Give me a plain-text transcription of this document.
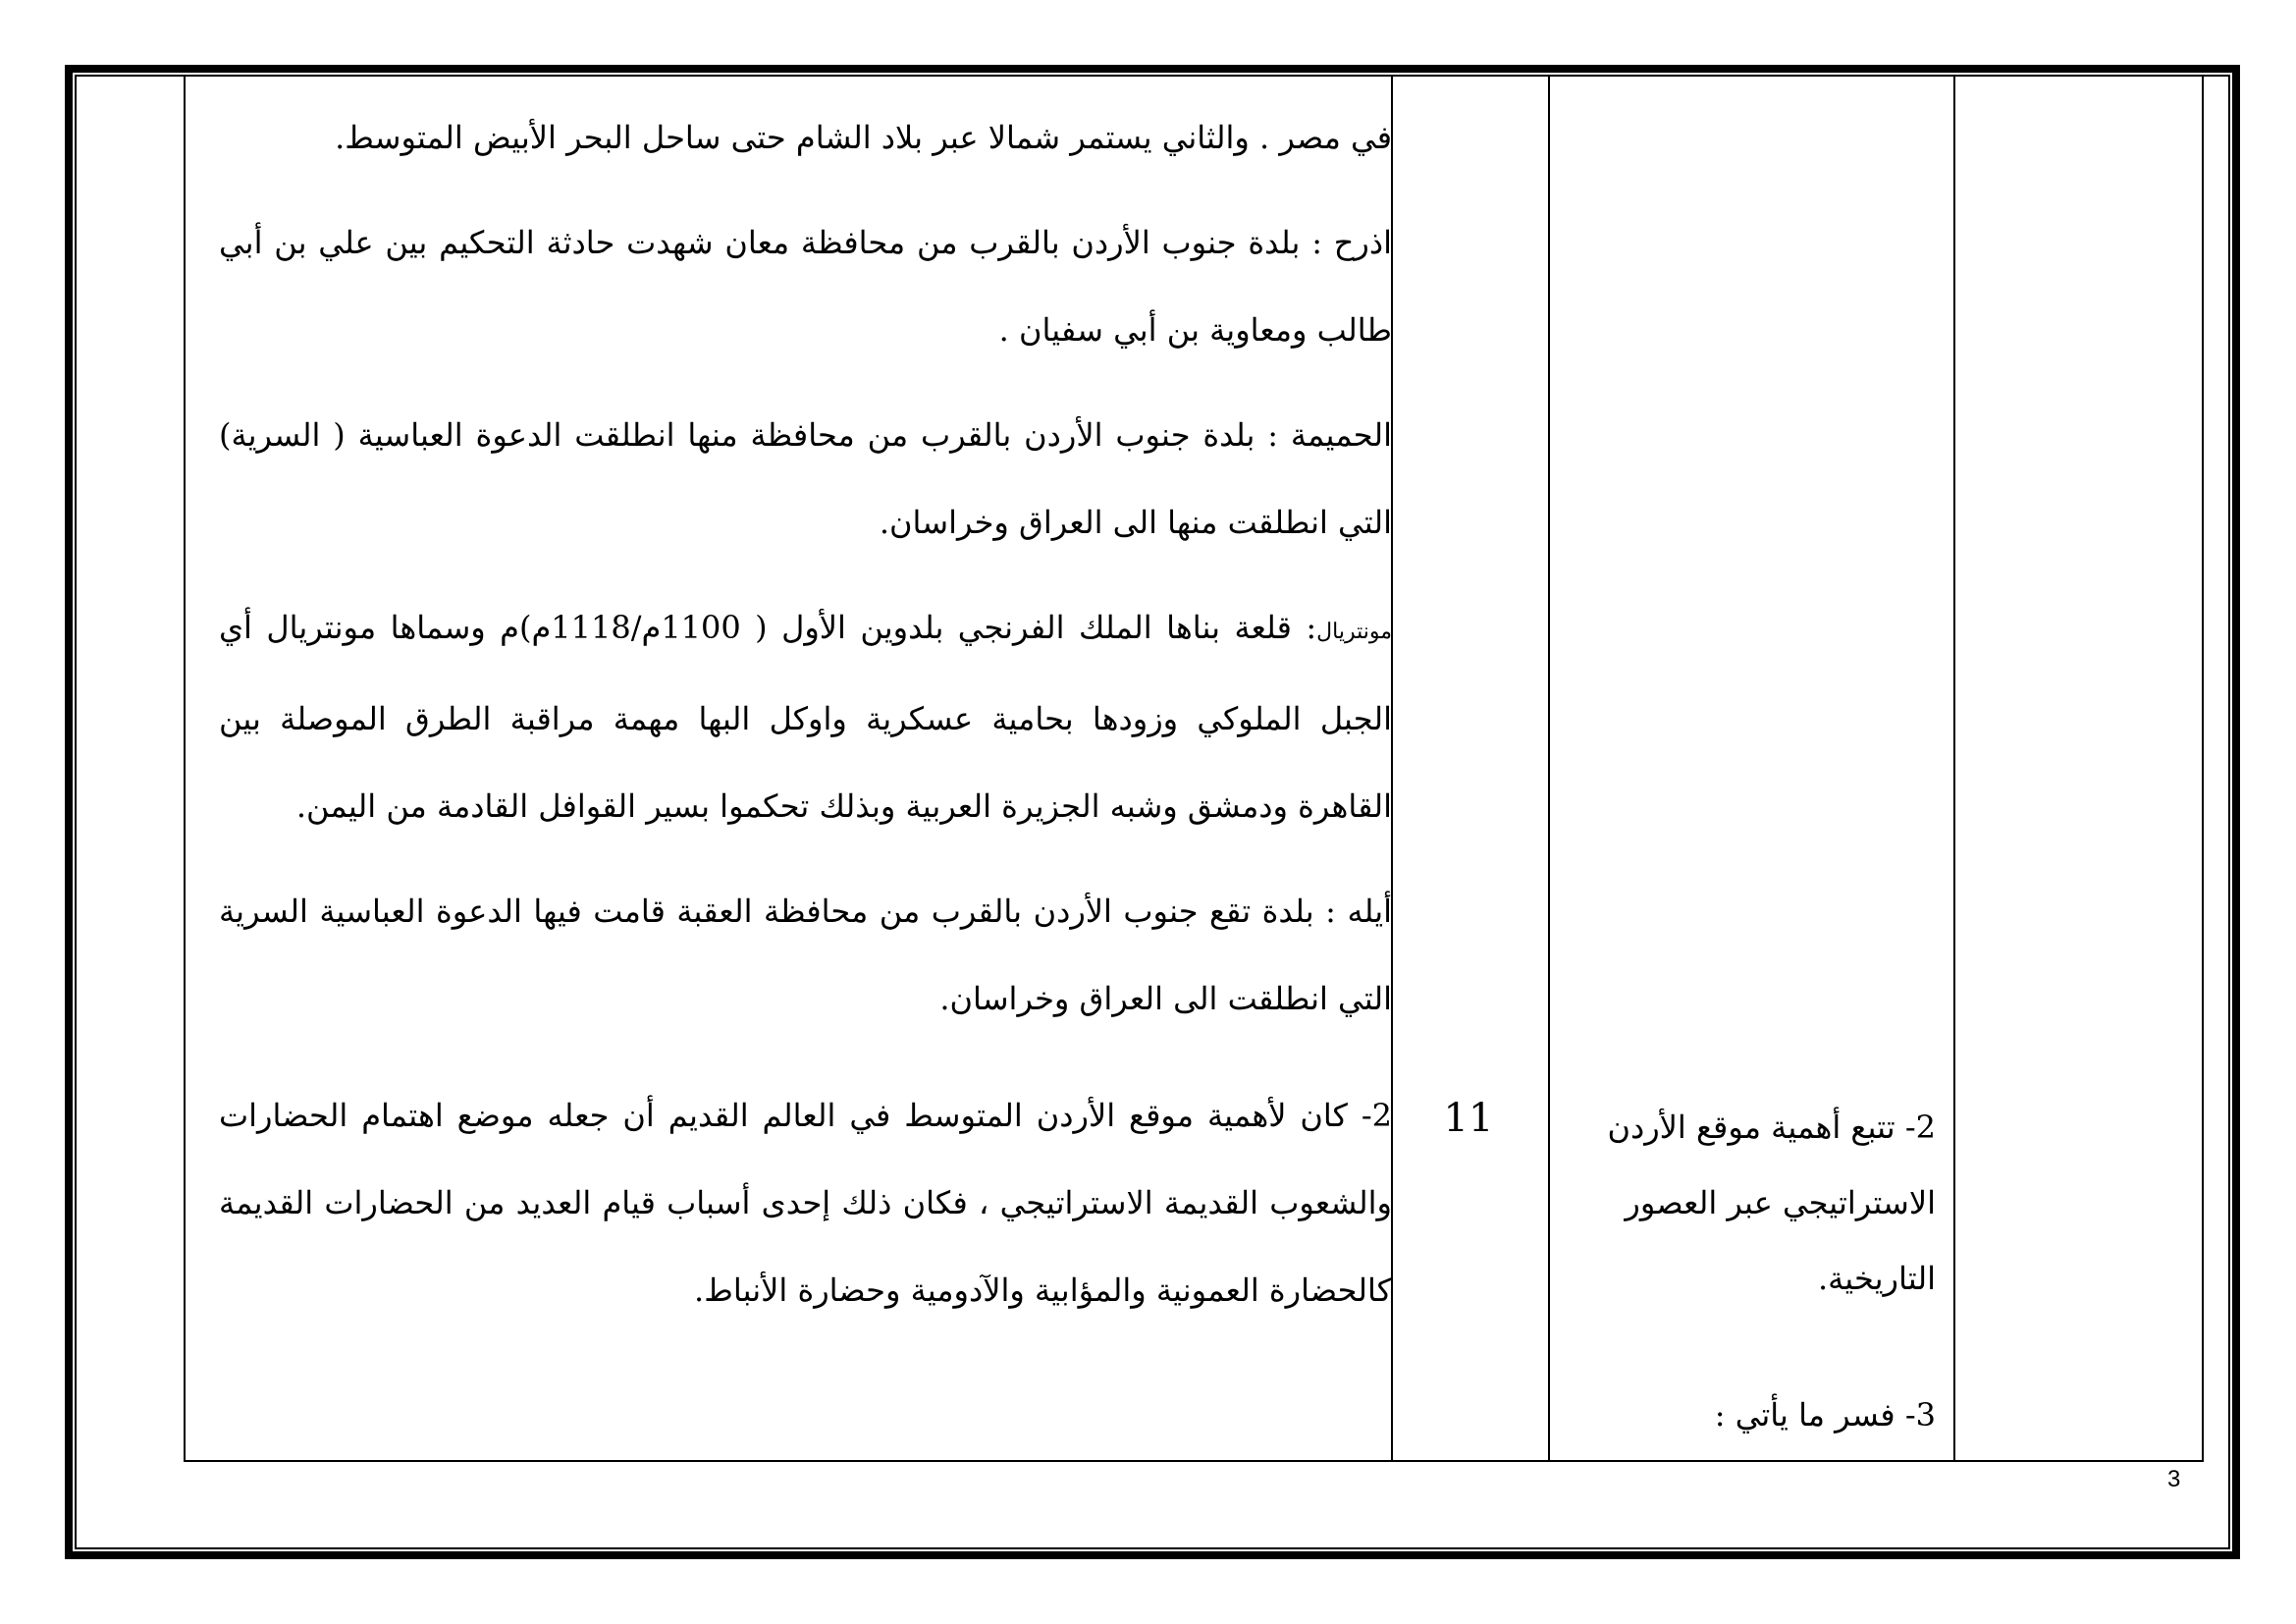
في مصر . والثاني يستمر شمالا عبر بلاد الشام حتى ساحل البحر الأبيض المتوسط.

اذرح : بلدة جنوب الأردن بالقرب من محافظة معان شهدت حادثة التحكيم بين علي بن أبي طالب ومعاوية بن أبي سفيان .

الحميمة : بلدة جنوب الأردن بالقرب من محافظة منها انطلقت الدعوة العباسية ( السرية) التي انطلقت منها الى العراق وخراسان.

مونتريال: قلعة بناها الملك الفرنجي بلدوين الأول ( 1100م/1118م)م وسماها مونتريال أي الجبل الملوكي وزودها بحامية عسكرية واوكل البها مهمة مراقبة الطرق الموصلة بين القاهرة ودمشق وشبه الجزيرة العربية وبذلك تحكموا بسير القوافل القادمة من اليمن.

أيله : بلدة تقع جنوب الأردن بالقرب من محافظة العقبة قامت فيها الدعوة العباسية السرية التي انطلقت الى العراق وخراسان.

2- كان لأهمية موقع الأردن المتوسط في العالم القديم أن جعله موضع اهتمام الحضارات والشعوب القديمة الاستراتيجي ، فكان ذلك إحدى أسباب قيام العديد من الحضارات القديمة كالحضارة العمونية والمؤابية والآدومية وحضارة الأنباط.

11	2- تتبع أهمية موقع الأردن الاستراتيجي عبر العصور التاريخية.
3- فسر ما يأتي :
3
